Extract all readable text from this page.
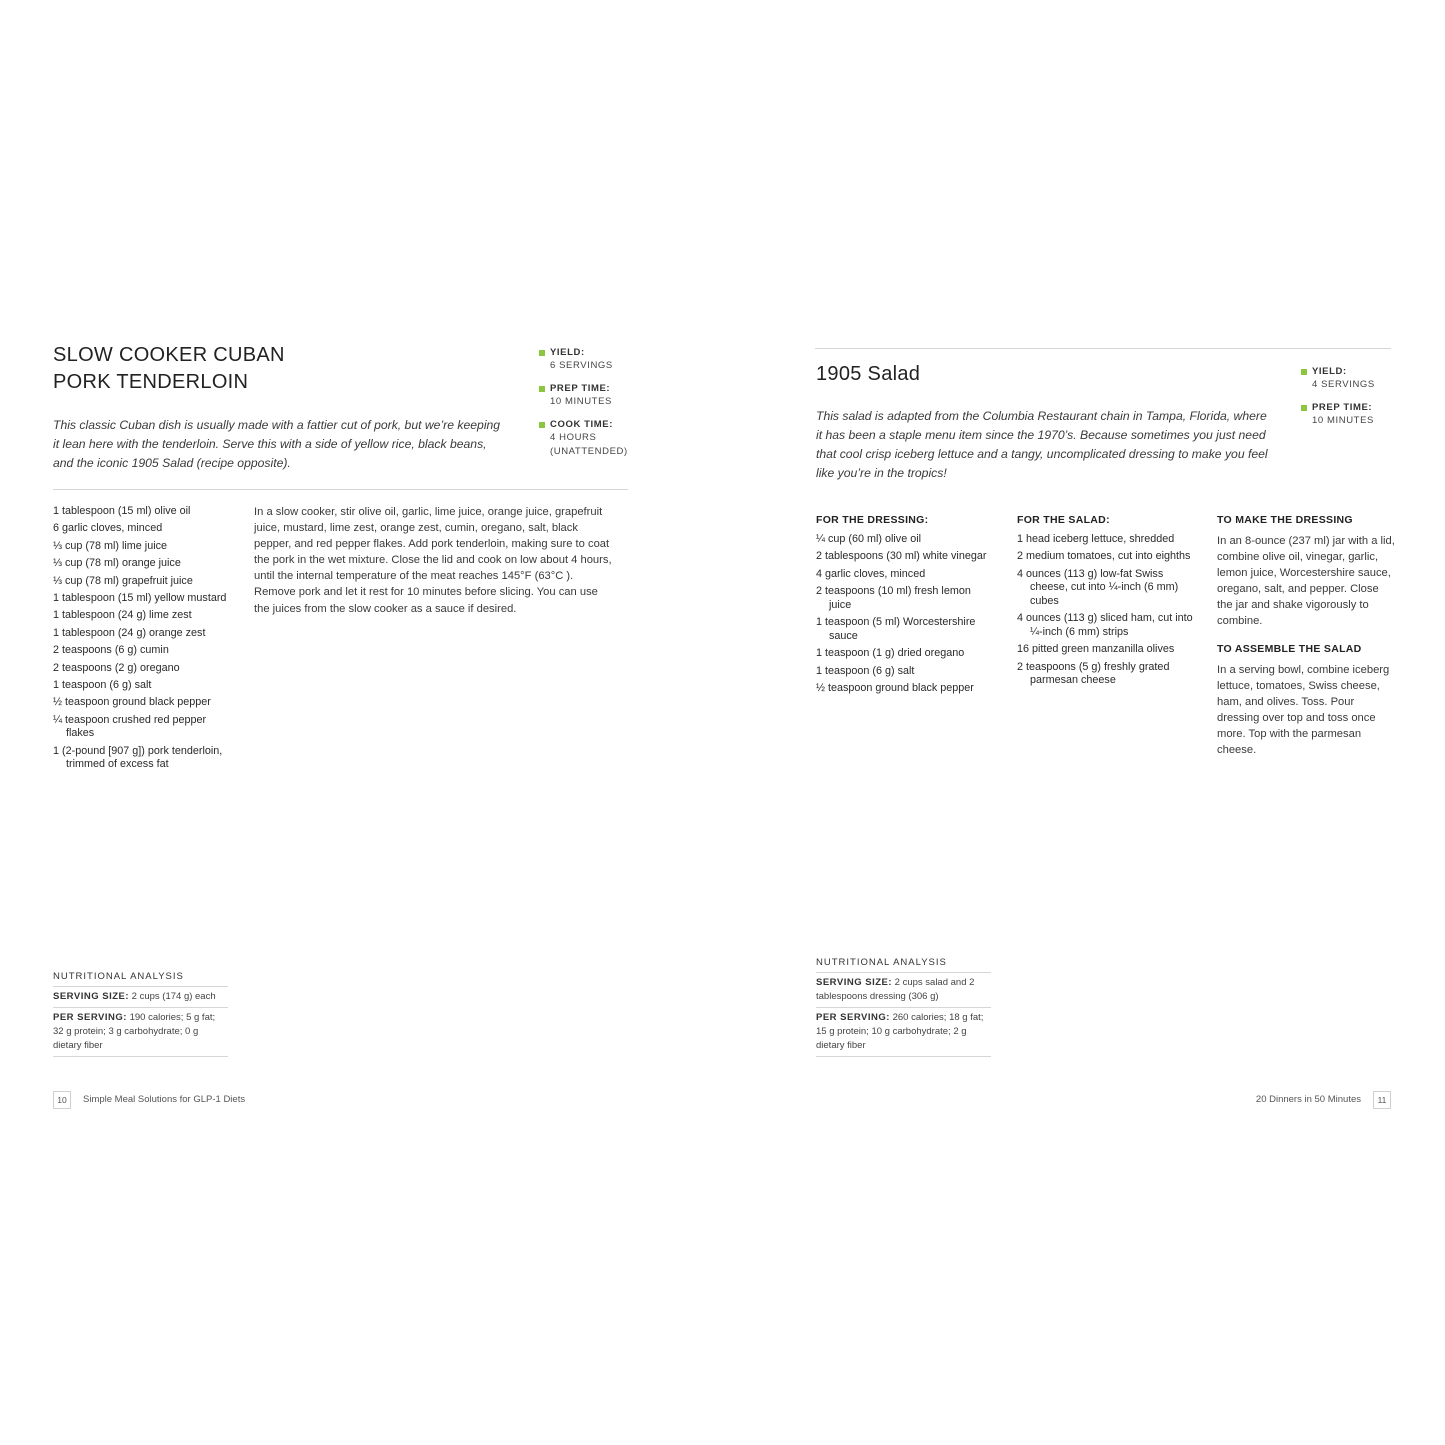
SLOW COOKER CUBAN
PORK TENDERLOIN

This classic Cuban dish is usually made with a fattier cut of pork, but we’re keeping it lean here with the tenderloin. Serve this with a side of yellow rice, black beans, and the iconic 1905 Salad (recipe opposite).

YIELD:
6 SERVINGS
PREP TIME:
10 MINUTES
COOK TIME:
4 HOURS
(UNATTENDED)
1 tablespoon (15 ml) olive oil
6 garlic cloves, minced
⅓ cup (78 ml) lime juice
⅓ cup (78 ml) orange juice
⅓ cup (78 ml) grapefruit juice
1 tablespoon (15 ml) yellow mustard
1 tablespoon (24 g) lime zest
1 tablespoon (24 g) orange zest
2 teaspoons (6 g) cumin
2 teaspoons (2 g) oregano
1 teaspoon (6 g) salt
½ teaspoon ground black pepper
¼ teaspoon crushed red pepper flakes
1 (2-pound [907 g]) pork tenderloin, trimmed of excess fat

In a slow cooker, stir olive oil, garlic, lime juice, orange juice, grapefruit juice, mustard, lime zest, orange zest, cumin, oregano, salt, black pepper, and red pepper flakes. Add pork tenderloin, making sure to coat the pork in the wet mixture. Close the lid and cook on low about 4 hours, until the internal temperature of the meat reaches 145°F (63°C ). Remove pork and let it rest for 10 minutes before slicing. You can use the juices from the slow cooker as a sauce if desired.

NUTRITIONAL ANALYSIS
SERVING SIZE: 2 cups (174 g) each
PER SERVING: 190 calories; 5 g fat; 32 g protein; 3 g carbohydrate; 0 g dietary fiber
10	Simple Meal Solutions for GLP-1 Diets
1905 Salad

This salad is adapted from the Columbia Restaurant chain in Tampa, Florida, where it has been a staple menu item since the 1970’s. Because sometimes you just need that cool crisp iceberg lettuce and a tangy, uncomplicated dressing to make you feel like you’re in the tropics!

YIELD:
4 SERVINGS
PREP TIME:
10 MINUTES
FOR THE DRESSING:
¼ cup (60 ml) olive oil
2 tablespoons (30 ml) white vinegar
4 garlic cloves, minced
2 teaspoons (10 ml) fresh lemon juice
1 teaspoon (5 ml) Worcestershire sauce
1 teaspoon (1 g) dried oregano
1 teaspoon (6 g) salt
½ teaspoon ground black pepper
FOR THE SALAD:
1 head iceberg lettuce, shredded
2 medium tomatoes, cut into eighths
4 ounces (113 g) low-fat Swiss cheese, cut into ¼-inch (6 mm) cubes
4 ounces (113 g) sliced ham, cut into ¼-inch (6 mm) strips
16 pitted green manzanilla olives
2 teaspoons (5 g) freshly grated parmesan cheese
TO MAKE THE DRESSING

In an 8-ounce (237 ml) jar with a lid, combine olive oil, vinegar, garlic, lemon juice, Worcestershire sauce, oregano, salt, and pepper. Close the jar and shake vigorously to combine.

TO ASSEMBLE THE SALAD

In a serving bowl, combine iceberg lettuce, tomatoes, Swiss cheese, ham, and olives. Toss. Pour dressing over top and toss once more. Top with the parmesan cheese.

NUTRITIONAL ANALYSIS
SERVING SIZE: 2 cups salad and 2 tablespoons dressing (306 g)
PER SERVING: 260 calories; 18 g fat; 15 g protein; 10 g carbohydrate; 2 g dietary fiber
20 Dinners in 50 Minutes	11
